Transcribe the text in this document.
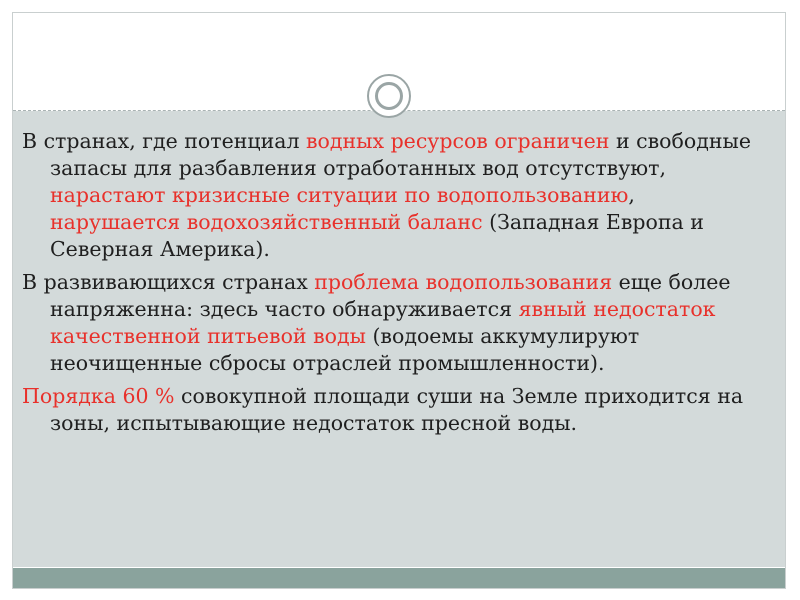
В странах, где потенциал водных ресурсов ограничен и свободные запасы для разбавления отработанных вод отсутствуют, нарастают кризисные ситуации по водопользованию, нарушается водохозяйственный баланс (Западная Европа и Северная Америка).

В развивающихся странах проблема водопользования еще более напряженна: здесь часто обнаруживается явный недостаток качественной питьевой воды (водоемы аккумулируют неочищенные сбросы отраслей промышленности).

Порядка 60 % совокупной площади суши на Земле приходится на зоны, испытывающие недостаток пресной воды.
